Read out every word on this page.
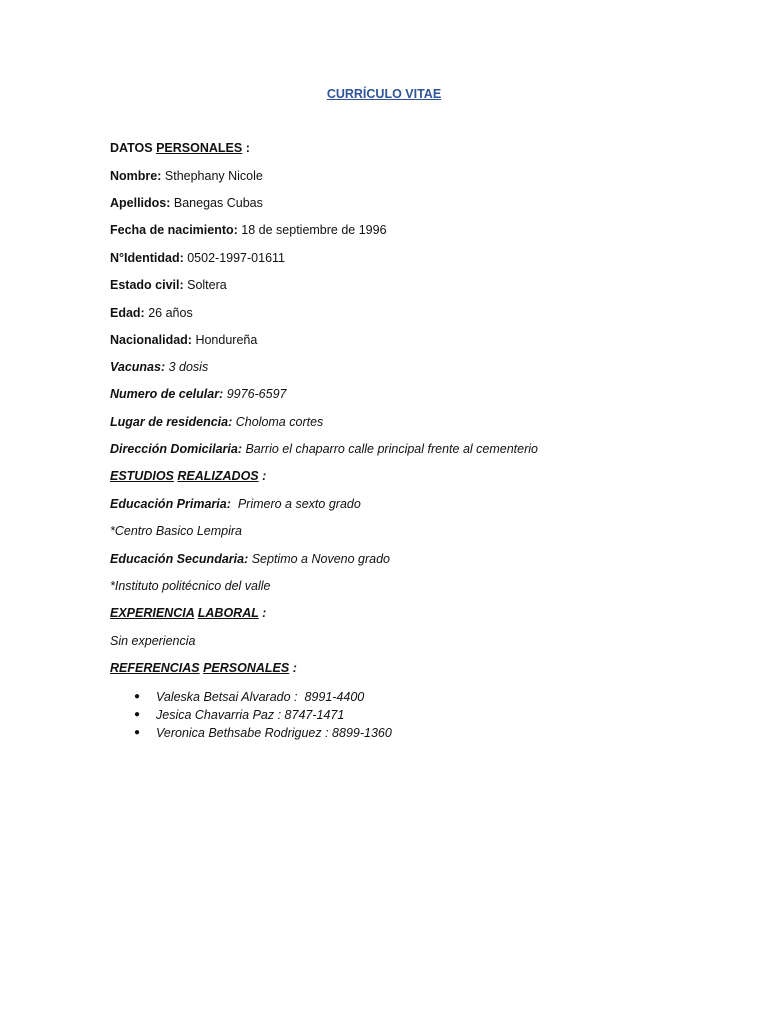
CURRÍCULO VITAE
DATOS PERSONALES :
Nombre: Sthephany Nicole
Apellidos: Banegas Cubas
Fecha de nacimiento: 18 de septiembre de 1996
N°Identidad: 0502-1997-01611
Estado civil: Soltera
Edad: 26 años
Nacionalidad: Hondureña
Vacunas: 3 dosis
Numero de celular: 9976-6597
Lugar de residencia: Choloma cortes
Dirección Domicilaria: Barrio el chaparro calle principal frente al cementerio
ESTUDIOS REALIZADOS :
Educación Primaria:  Primero a sexto grado
*Centro Basico Lempira
Educación Secundaria: Septimo a Noveno grado
*Instituto politécnico del valle
EXPERIENCIA LABORAL :
Sin experiencia
REFERENCIAS PERSONALES :
● Valeska Betsai Alvarado :  8991-4400
● Jesica Chavarria Paz : 8747-1471
● Veronica Bethsabe Rodriguez : 8899-1360
